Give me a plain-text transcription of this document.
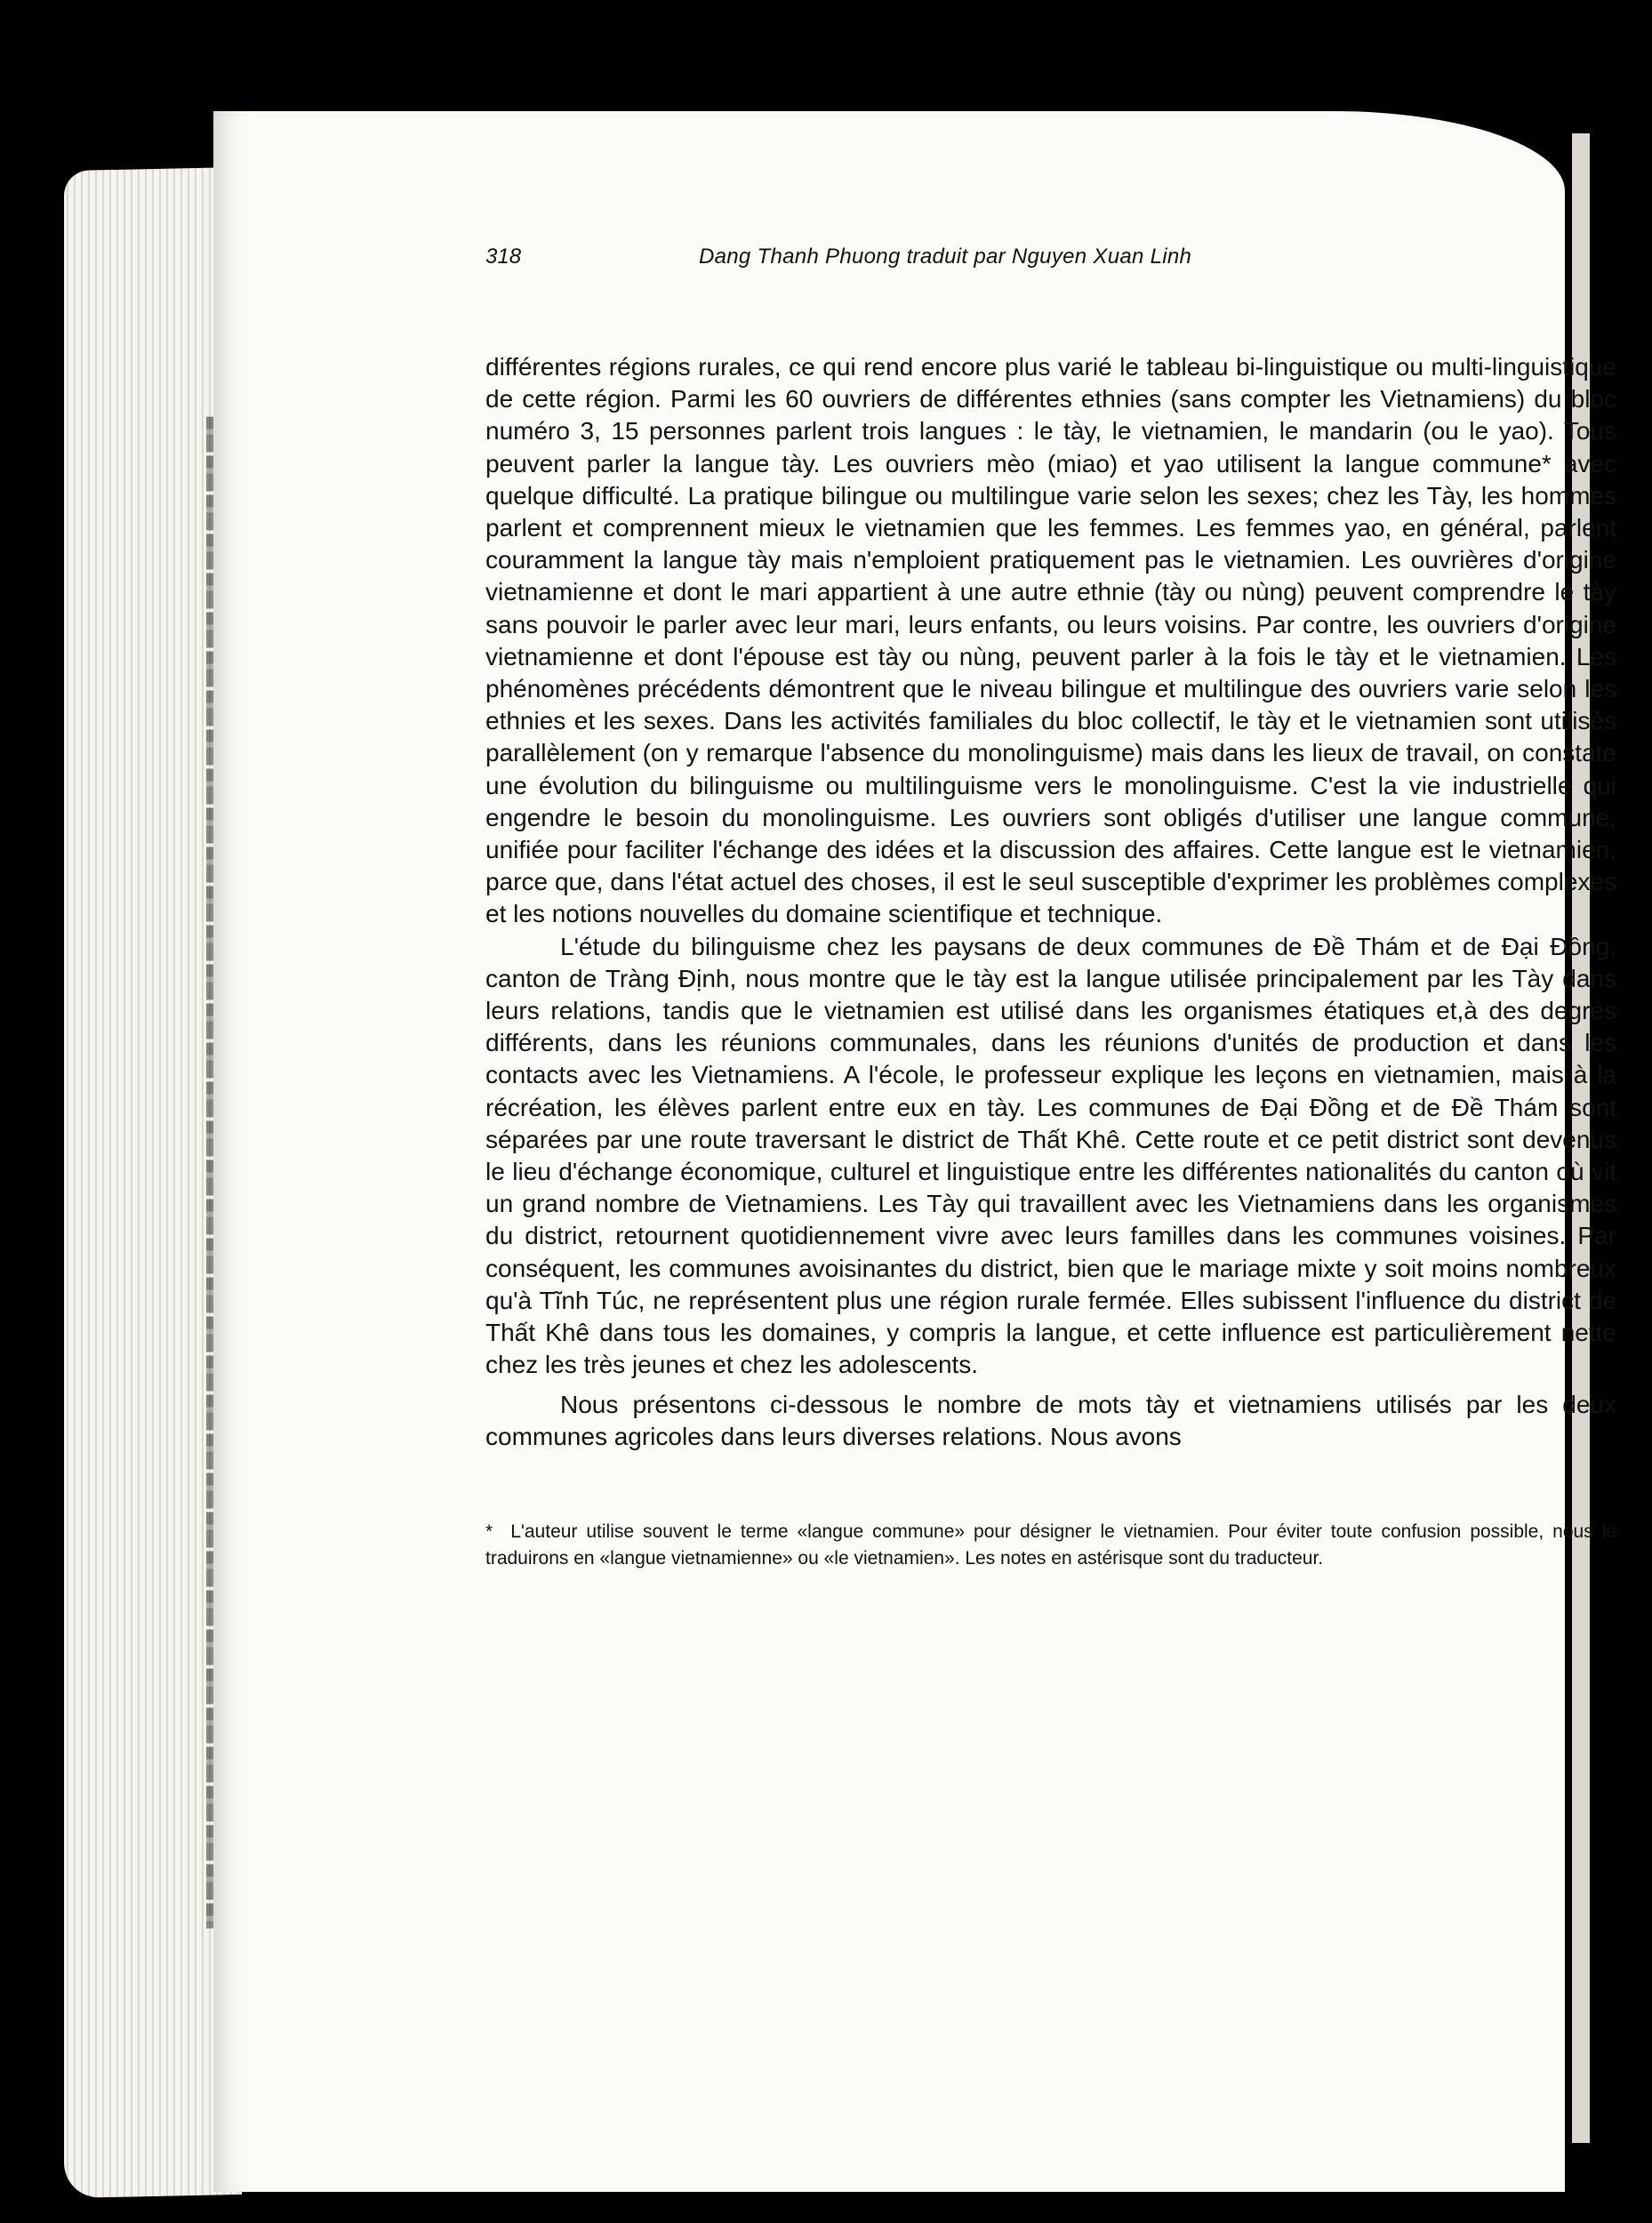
318	Dang Thanh Phuong traduit par Nguyen Xuan Linh

différentes régions rurales, ce qui rend encore plus varié le tableau bi-linguistique ou multi-linguistique de cette région. Parmi les 60 ouvriers de différentes ethnies (sans compter les Vietnamiens) du bloc numéro 3, 15 personnes parlent trois langues : le tày, le vietnamien, le mandarin (ou le yao). Tous peuvent parler la langue tày. Les ouvriers mèo (miao) et yao utilisent la langue commune* avec quelque difficulté. La pratique bilingue ou multilingue varie selon les sexes; chez les Tày, les hommes parlent et comprennent mieux le vietnamien que les femmes. Les femmes yao, en général, parlent couramment la langue tày mais n'emploient pratiquement pas le vietnamien. Les ouvrières d'origine vietnamienne et dont le mari appartient à une autre ethnie (tày ou nùng) peuvent comprendre le tày sans pouvoir le parler avec leur mari, leurs enfants, ou leurs voisins. Par contre, les ouvriers d'origine vietnamienne et dont l'épouse est tày ou nùng, peuvent parler à la fois le tày et le vietnamien. Les phénomènes précédents démontrent que le niveau bilingue et multilingue des ouvriers varie selon les ethnies et les sexes. Dans les activités familiales du bloc collectif, le tày et le vietnamien sont utilisés parallèlement (on y remarque l'absence du monolinguisme) mais dans les lieux de travail, on constate une évolution du bilinguisme ou multilinguisme vers le monolinguisme. C'est la vie industrielle qui engendre le besoin du monolinguisme. Les ouvriers sont obligés d'utiliser une langue commune, unifiée pour faciliter l'échange des idées et la discussion des affaires. Cette langue est le vietnamien, parce que, dans l'état actuel des choses, il est le seul susceptible d'exprimer les problèmes complexes et les notions nouvelles du domaine scientifique et technique.

L'étude du bilinguisme chez les paysans de deux communes de Đề Thám et de Đại Đồng, canton de Tràng Định, nous montre que le tày est la langue utilisée principalement par les Tày dans leurs relations, tandis que le vietnamien est utilisé dans les organismes étatiques et,à des degrés différents, dans les réunions communales, dans les réunions d'unités de production et dans les contacts avec les Vietnamiens. A l'école, le professeur explique les leçons en vietnamien, mais à la récréation, les élèves parlent entre eux en tày. Les communes de Đại Đồng et de Đề Thám sont séparées par une route traversant le district de Thất Khê. Cette route et ce petit district sont devenus le lieu d'échange économique, culturel et linguistique entre les différentes nationalités du canton où vit un grand nombre de Vietnamiens. Les Tày qui travaillent avec les Vietnamiens dans les organismes du district, retournent quotidiennement vivre avec leurs familles dans les communes voisines. Par conséquent, les communes avoisinantes du district, bien que le mariage mixte y soit moins nombreux qu'à Tĩnh Túc, ne représentent plus une région rurale fermée. Elles subissent l'influence du district de Thất Khê dans tous les domaines, y compris la langue, et cette influence est particulièrement nette chez les très jeunes et chez les adolescents.

Nous présentons ci-dessous le nombre de mots tày et vietnamiens utilisés par les deux communes agricoles dans leurs diverses relations. Nous avons

* L'auteur utilise souvent le terme «langue commune» pour désigner le vietnamien. Pour éviter toute confusion possible, nous le traduirons en «langue vietnamienne» ou «le vietnamien». Les notes en astérisque sont du traducteur.
